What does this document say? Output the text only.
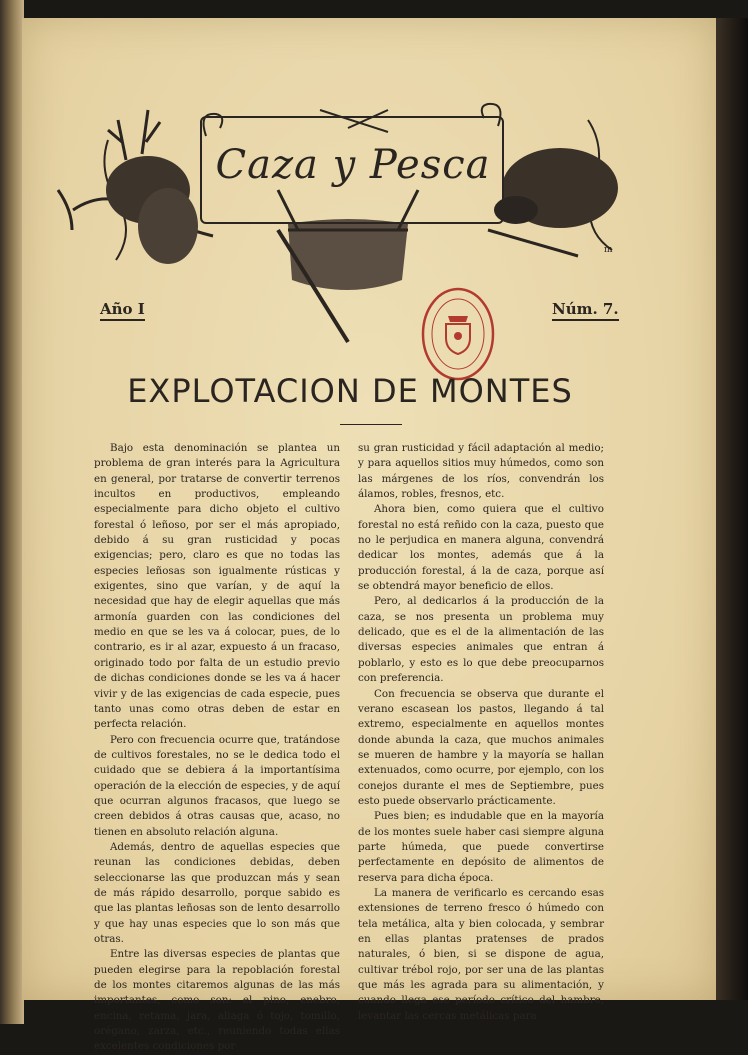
m
Caza y Pesca
Año I	Núm. 7.
EXPLOTACION DE MONTES

Bajo esta denominación se plantea un problema de gran interés para la Agricultura en general, por tratarse de convertir terrenos incultos en productivos, empleando especialmente para dicho objeto el cultivo forestal ó leñoso, por ser el más apropiado, debido á su gran rusticidad y pocas exigencias; pero, claro es que no todas las especies leñosas son igualmente rústicas y exigentes, sino que varían, y de aquí la necesidad que hay de elegir aquellas que más armonía guarden con las condiciones del medio en que se les va á colocar, pues, de lo contrario, es ir al azar, expuesto á un fracaso, originado todo por falta de un estudio previo de dichas condiciones donde se les va á hacer vivir y de las exigencias de cada especie, pues tanto unas como otras deben de estar en perfecta relación.

Pero con frecuencia ocurre que, tratándose de cultivos forestales, no se le dedica todo el cuidado que se debiera á la importantísima operación de la elección de especies, y de aquí que ocurran algunos fracasos, que luego se creen debidos á otras causas que, acaso, no tienen en absoluto relación alguna.

Además, dentro de aquellas especies que reunan las condiciones debidas, deben seleccionarse las que produzcan más y sean de más rápido desarrollo, porque sabido es que las plantas leñosas son de lento desarrollo y que hay unas especies que lo son más que otras.

Entre las diversas especies de plantas que pueden elegirse para la repoblación forestal de los montes citaremos algunas de las más importantes, como son: el pino, enebro, encina, retama, jara, aliaga ó tojo, tomillo, orégano, zarza, etc., reuniendo todas ellas excelentes condiciones por

su gran rusticidad y fácil adaptación al medio; y para aquellos sitios muy húmedos, como son las márgenes de los ríos, convendrán los álamos, robles, fresnos, etc.

Ahora bien, como quiera que el cultivo forestal no está reñido con la caza, puesto que no le perjudica en manera alguna, convendrá dedicar los montes, además que á la producción forestal, á la de caza, porque así se obtendrá mayor beneficio de ellos.

Pero, al dedicarlos á la producción de la caza, se nos presenta un problema muy delicado, que es el de la alimentación de las diversas especies animales que entran á poblarlo, y esto es lo que debe preocuparnos con preferencia.

Con frecuencia se observa que durante el verano escasean los pastos, llegando á tal extremo, especialmente en aquellos montes donde abunda la caza, que muchos animales se mueren de hambre y la mayoría se hallan extenuados, como ocurre, por ejemplo, con los conejos durante el mes de Septiembre, pues esto puede observarlo prácticamente.

Pues bien; es indudable que en la mayoría de los montes suele haber casi siempre alguna parte húmeda, que puede convertirse perfectamente en depósito de alimentos de reserva para dicha época.

La manera de verificarlo es cercando esas extensiones de terreno fresco ó húmedo con tela metálica, alta y bien colocada, y sembrar en ellas plantas pratenses de prados naturales, ó bien, si se dispone de agua, cultivar trébol rojo, por ser una de las plantas que más les agrada para su alimentación, y cuando llega ese período crítico del hambre, levantar las cercas metálicas para
